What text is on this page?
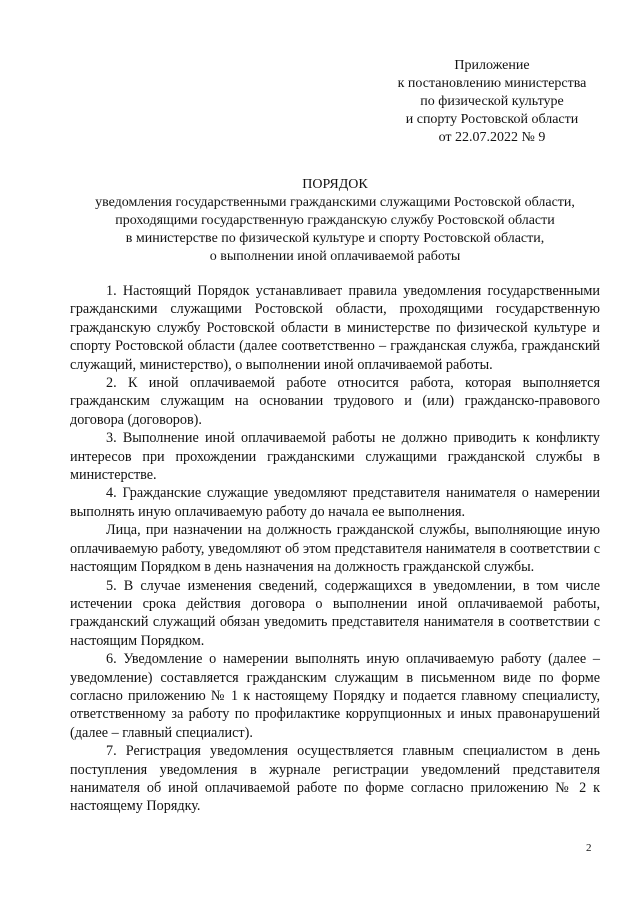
Приложение
к постановлению министерства
по физической культуре
и спорту Ростовской области
от 22.07.2022 № 9
ПОРЯДОК
уведомления государственными гражданскими служащими Ростовской области,
проходящими государственную гражданскую службу Ростовской области
в министерстве по физической культуре и спорту Ростовской области,
о выполнении иной оплачиваемой работы

1. Настоящий Порядок устанавливает правила уведомления государственными гражданскими служащими Ростовской области, проходящими государственную гражданскую службу Ростовской области в министерстве по физической культуре и спорту Ростовской области (далее соответственно – гражданская служба, гражданский служащий, министерство), о выполнении иной оплачиваемой работы.

2. К иной оплачиваемой работе относится работа, которая выполняется гражданским служащим на основании трудового и (или) гражданско-правового договора (договоров).

3. Выполнение иной оплачиваемой работы не должно приводить к конфликту интересов при прохождении гражданскими служащими гражданской службы в министерстве.

4. Гражданские служащие уведомляют представителя нанимателя о намерении выполнять иную оплачиваемую работу до начала ее выполнения.

Лица, при назначении на должность гражданской службы, выполняющие иную оплачиваемую работу, уведомляют об этом представителя нанимателя в соответствии с настоящим Порядком в день назначения на должность гражданской службы.

5. В случае изменения сведений, содержащихся в уведомлении, в том числе истечении срока действия договора о выполнении иной оплачиваемой работы, гражданский служащий обязан уведомить представителя нанимателя в соответствии с настоящим Порядком.

6. Уведомление о намерении выполнять иную оплачиваемую работу (далее – уведомление) составляется гражданским служащим в письменном виде по форме согласно приложению № 1 к настоящему Порядку и подается главному специалисту, ответственному за работу по профилактике коррупционных и иных правонарушений (далее – главный специалист).

7. Регистрация уведомления осуществляется главным специалистом в день поступления уведомления в журнале регистрации уведомлений представителя нанимателя об иной оплачиваемой работе по форме согласно приложению № 2 к настоящему Порядку.

2
